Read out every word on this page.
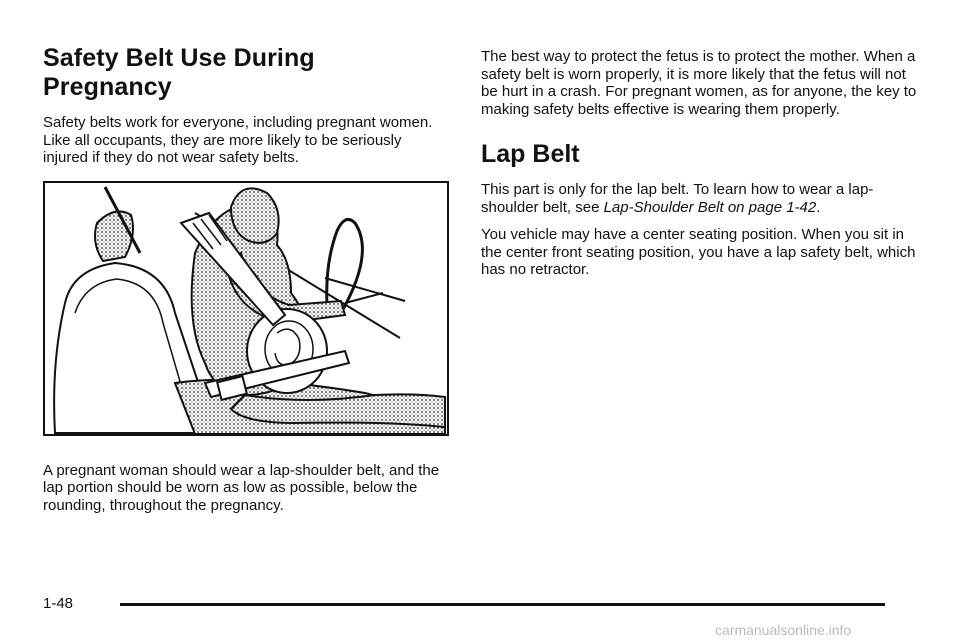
Safety Belt Use During Pregnancy

Safety belts work for everyone, including pregnant women. Like all occupants, they are more likely to be seriously injured if they do not wear safety belts.

A pregnant woman should wear a lap-shoulder belt, and the lap portion should be worn as low as possible, below the rounding, throughout the pregnancy.

The best way to protect the fetus is to protect the mother. When a safety belt is worn properly, it is more likely that the fetus will not be hurt in a crash. For pregnant women, as for anyone, the key to making safety belts effective is wearing them properly.

Lap Belt

This part is only for the lap belt. To learn how to wear a lap-shoulder belt, see Lap-Shoulder Belt on page 1-42.

You vehicle may have a center seating position. When you sit in the center front seating position, you have a lap safety belt, which has no retractor.

1-48
carmanualsonline.info
